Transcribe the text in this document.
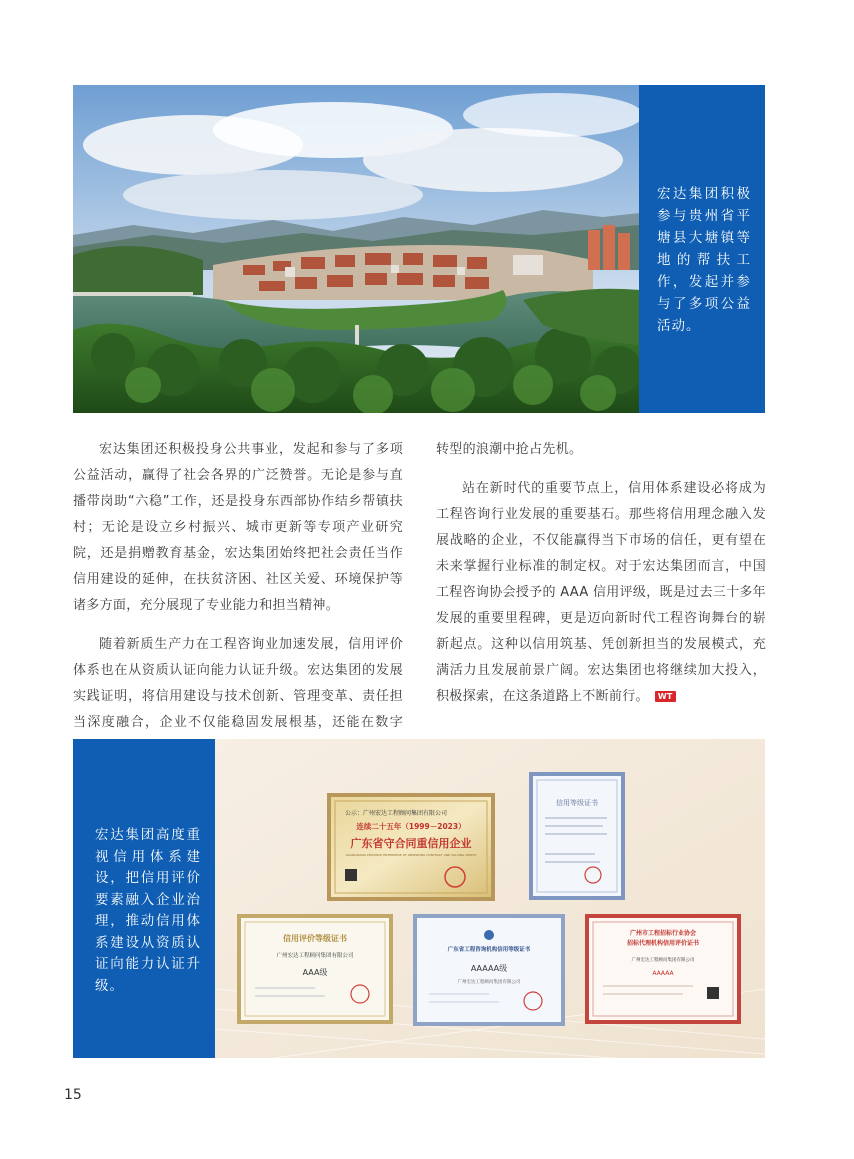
宏达集团积极参与贵州省平塘县大塘镇等地的帮扶工作，发起并参与了多项公益活动。

宏达集团还积极投身公共事业，发起和参与了多项公益活动，赢得了社会各界的广泛赞誉。无论是参与直播带岗助“六稳”工作，还是投身东西部协作结乡帮镇扶村；无论是设立乡村振兴、城市更新等专项产业研究院，还是捐赠教育基金，宏达集团始终把社会责任当作信用建设的延伸，在扶贫济困、社区关爱、环境保护等诸多方面，充分展现了专业能力和担当精神。

随着新质生产力在工程咨询业加速发展，信用评价体系也在从资质认证向能力认证升级。宏达集团的发展实践证明，将信用建设与技术创新、管理变革、责任担当深度融合，企业不仅能稳固发展根基，还能在数字

转型的浪潮中抢占先机。

站在新时代的重要节点上，信用体系建设必将成为工程咨询行业发展的重要基石。那些将信用理念融入发展战略的企业，不仅能赢得当下市场的信任，更有望在未来掌握行业标准的制定权。对于宏达集团而言，中国工程咨询协会授予的 AAA 信用评级，既是过去三十多年发展的重要里程碑，更是迈向新时代工程咨询舞台的崭新起点。这种以信用筑基、凭创新担当的发展模式，充满活力且发展前景广阔。宏达集团也将继续加大投入，积极探索，在这条道路上不断前行。 WT

宏达集团高度重视信用体系建设，把信用评价要素融入企业治理，推动信用体系建设从资质认证向能力认证升级。
公示：广州宏达工程顾问集团有限公司
连续二十五年（1999－2023）
广东省守合同重信用企业
GUANGDONG PROVINCE ENTERPRISE OF OBSERVING CONTRACT AND VALUING CREDIT
信用等级证书
信用评价等级证书
广州宏达工程顾问集团有限公司
AAA级
广东省工程咨询机构信用等级证书
AAAAA级
广州宏达工程顾问集团有限公司
广州市工程招标行业协会
招标代理机构信用评价证书
广州宏达工程顾问集团有限公司
AAAAA
15
